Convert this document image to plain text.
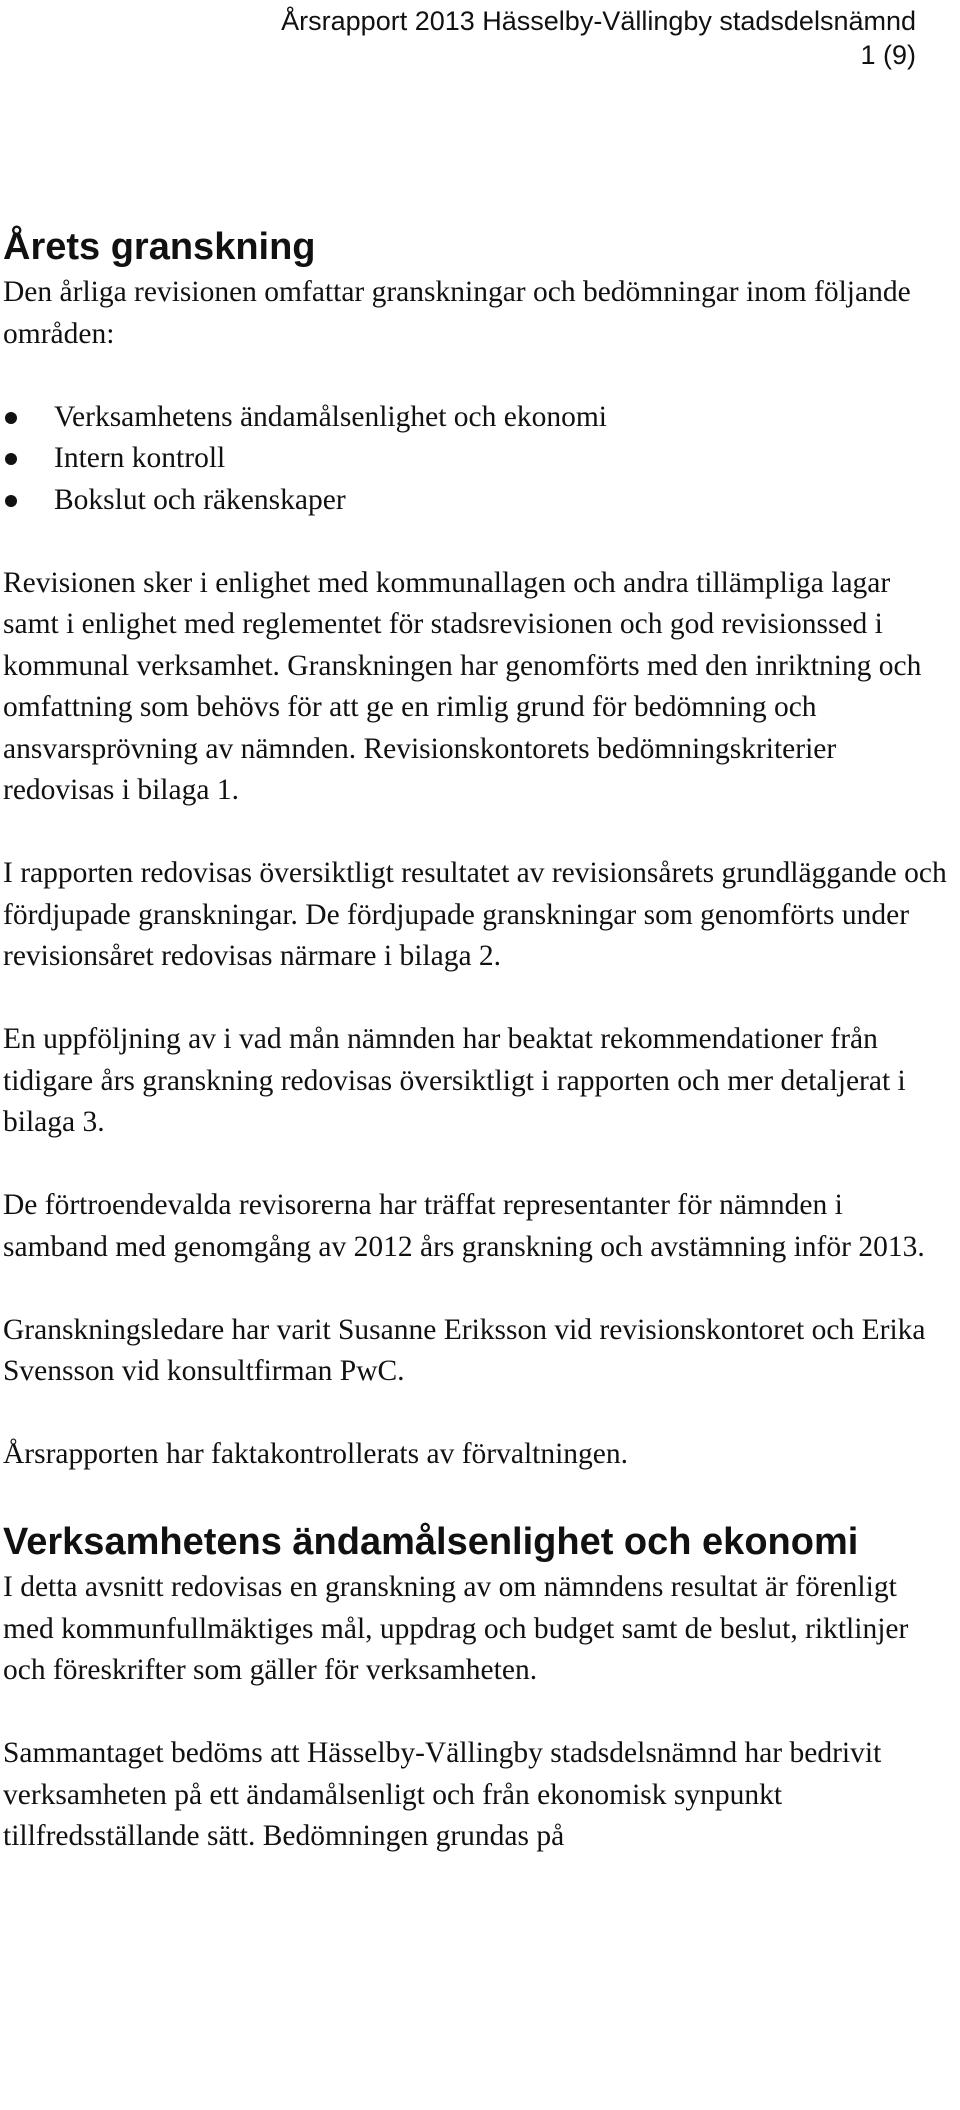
Årsrapport 2013 Hässelby-Vällingby stadsdelsnämnd
1 (9)
Årets granskning

Den årliga revisionen omfattar granskningar och bedömningar inom följande områden:

Verksamhetens ändamålsenlighet och ekonomi
Intern kontroll
Bokslut och räkenskaper

Revisionen sker i enlighet med kommunallagen och andra tillämpliga lagar samt i enlighet med reglementet för stadsrevisionen och god revisionssed i kommunal verksamhet. Granskningen har genomförts med den inriktning och omfattning som behövs för att ge en rimlig grund för bedömning och ansvarsprövning av nämnden. Revisionskontorets bedömningskriterier redovisas i bilaga 1.

I rapporten redovisas översiktligt resultatet av revisionsårets grundläggande och fördjupade granskningar. De fördjupade granskningar som genomförts under revisionsåret redovisas närmare i bilaga 2.

En uppföljning av i vad mån nämnden har beaktat rekommendationer från tidigare års granskning redovisas översiktligt i rapporten och mer detaljerat i bilaga 3.

De förtroendevalda revisorerna har träffat representanter för nämnden i samband med genomgång av 2012 års granskning och avstämning inför 2013.

Granskningsledare har varit Susanne Eriksson vid revisionskontoret och Erika Svensson vid konsultfirman PwC.

Årsrapporten har faktakontrollerats av förvaltningen.

Verksamhetens ändamålsenlighet och ekonomi

I detta avsnitt redovisas en granskning av om nämndens resultat är förenligt med kommunfullmäktiges mål, uppdrag och budget samt de beslut, riktlinjer och föreskrifter som gäller för verksamheten.

Sammantaget bedöms att Hässelby-Vällingby stadsdelsnämnd har bedrivit verksamheten på ett ändamålsenligt och från ekonomisk synpunkt tillfredsställande sätt. Bedömningen grundas på
